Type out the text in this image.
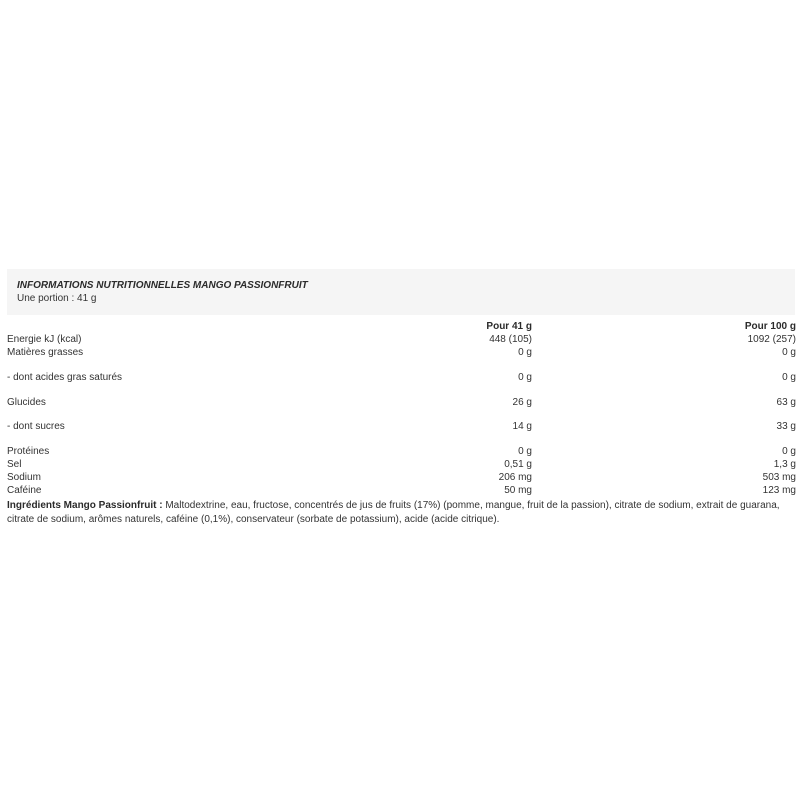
INFORMATIONS NUTRITIONNELLES MANGO PASSIONFRUIT
Une portion : 41 g
	Pour 41 g	Pour 100 g
Energie kJ (kcal)	448 (105)	1092 (257)
Matières grasses	0 g	0 g
- dont acides gras saturés	0 g	0 g
Glucides	26 g	63 g
- dont sucres	14 g	33 g
Protéines	0 g	0 g
Sel	0,51 g	1,3 g
Sodium	206 mg	503 mg
Caféine	50 mg	123 mg
Ingrédients Mango Passionfruit : Maltodextrine, eau, fructose, concentrés de jus de fruits (17%) (pomme, mangue, fruit de la passion), citrate de sodium, extrait de guarana, citrate de sodium, arômes naturels, caféine (0,1%), conservateur (sorbate de potassium), acide (acide citrique).
